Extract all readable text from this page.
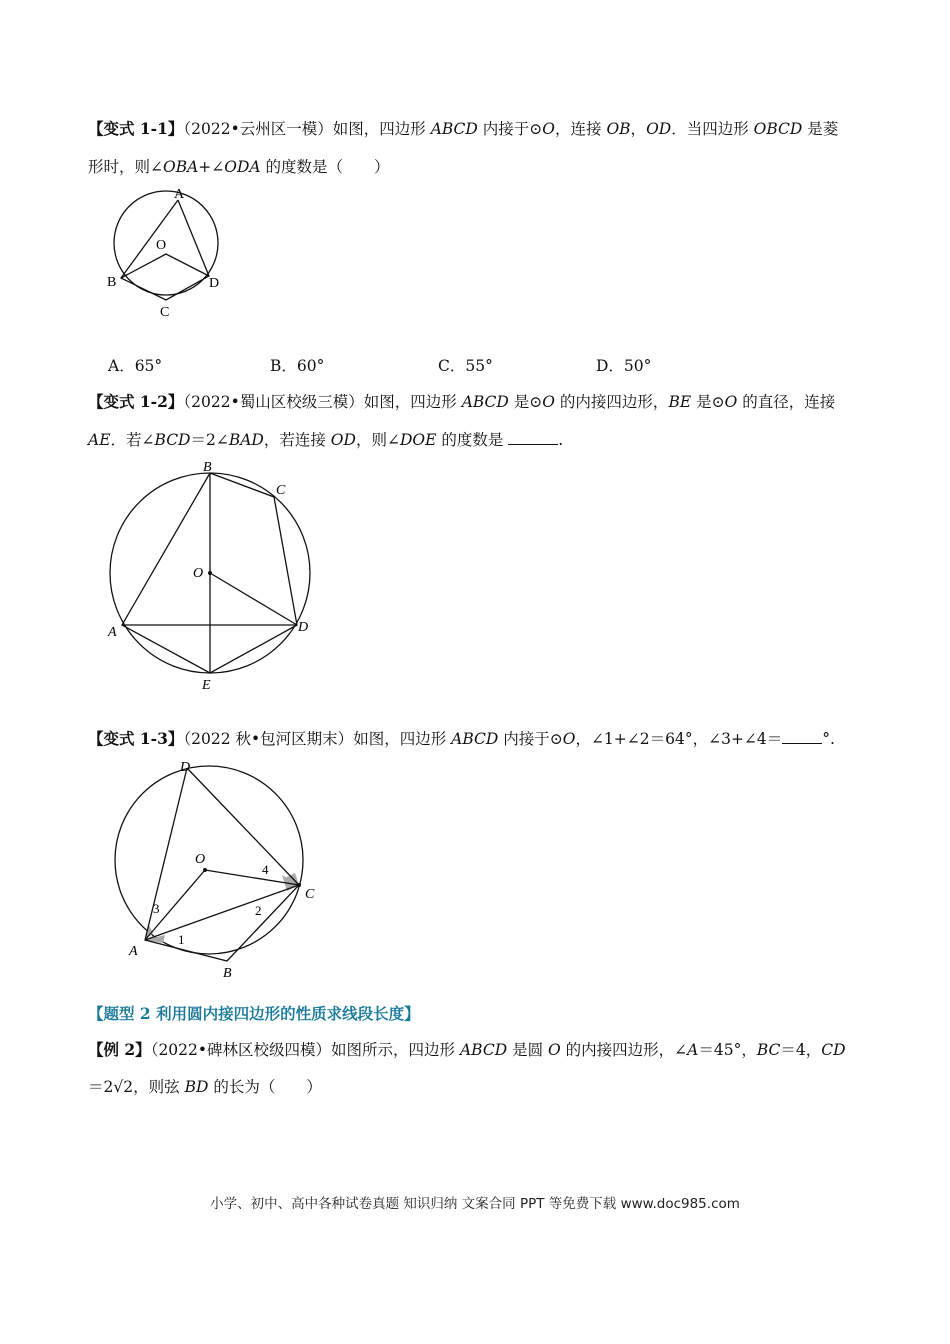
【变式 1-1】（2022•云州区一模）如图，四边形 ABCD 内接于⊙O，连接 OB，OD．当四边形 OBCD 是菱
形时，则∠OBA+∠ODA 的度数是（　　）
A
O
B	D
C
A．65°	B．60°	C．55°	D．50°
【变式 1-2】（2022•蜀山区校级三模）如图，四边形 ABCD 是⊙O 的内接四边形，BE 是⊙O 的直径，连接
AE．若∠BCD＝2∠BAD，若连接 OD，则∠DOE 的度数是	.
B
C
O
A	D
E
【变式 1-3】（2022 秋•包河区期末）如图，四边形 ABCD 内接于⊙O，∠1+∠2＝64°，∠3+∠4＝	°.
D
O
C
A
B
1
2
3
4
【题型 2 利用圆内接四边形的性质求线段长度】
【例 2】（2022•碑林区校级四模）如图所示，四边形 ABCD 是圆 O 的内接四边形，∠A＝45°，BC＝4，CD
＝2√2，则弦 BD 的长为（　　）
小学、初中、高中各种试卷真题 知识归纳 文案合同 PPT 等免费下载 www.doc985.com
